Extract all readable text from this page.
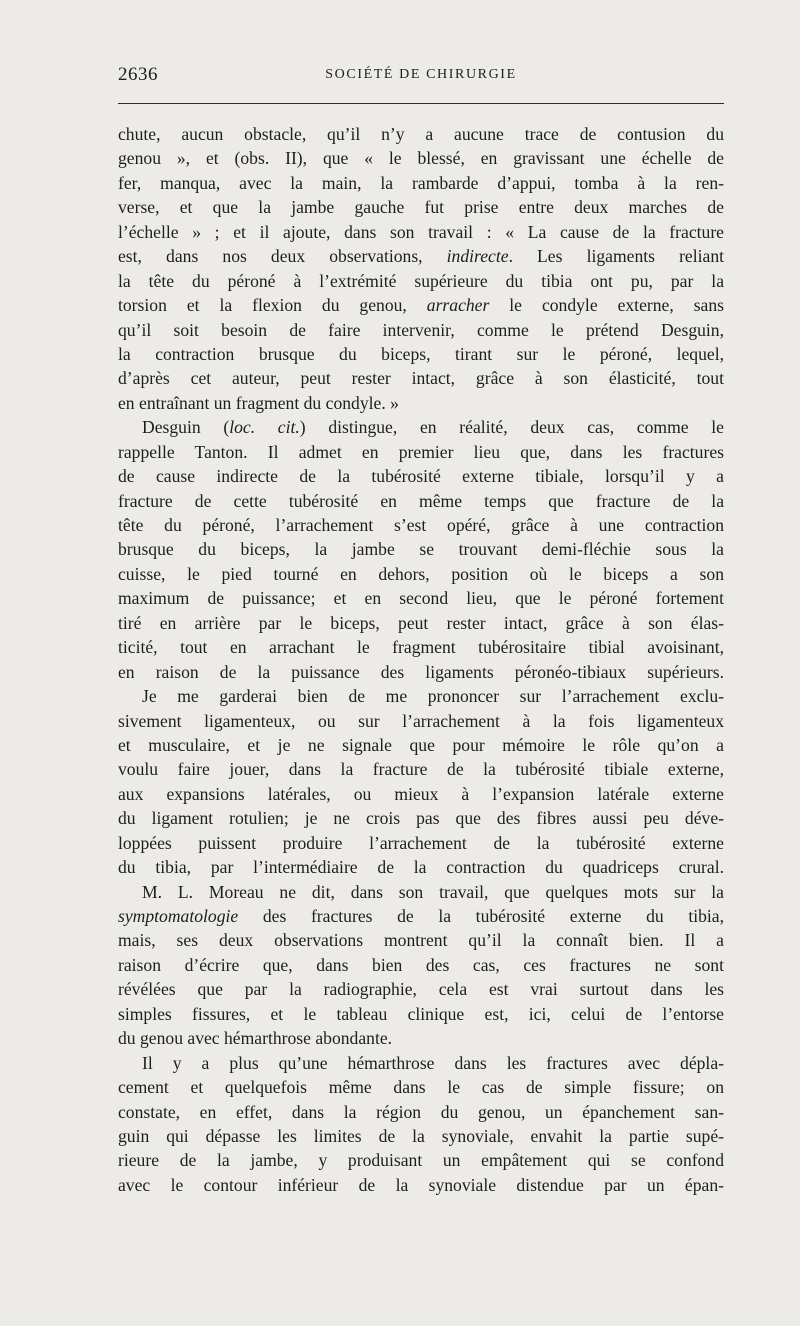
2636	SOCIÉTÉ DE CHIRURGIE
chute, aucun obstacle, qu’il n’y a aucune trace de contusion du
genou », et (obs. II), que « le blessé, en gravissant une échelle de
fer, manqua, avec la main, la rambarde d’appui, tomba à la ren-
verse, et que la jambe gauche fut prise entre deux marches de
l’échelle » ; et il ajoute, dans son travail : « La cause de la fracture
est, dans nos deux observations, indirecte. Les ligaments reliant
la tête du péroné à l’extrémité supérieure du tibia ont pu, par la
torsion et la flexion du genou, arracher le condyle externe, sans
qu’il soit besoin de faire intervenir, comme le prétend Desguin,
la contraction brusque du biceps, tirant sur le péroné, lequel,
d’après cet auteur, peut rester intact, grâce à son élasticité, tout
en entraînant un fragment du condyle. »
Desguin (loc. cit.) distingue, en réalité, deux cas, comme le
rappelle Tanton. Il admet en premier lieu que, dans les fractures
de cause indirecte de la tubérosité externe tibiale, lorsqu’il y a
fracture de cette tubérosité en même temps que fracture de la
tête du péroné, l’arrachement s’est opéré, grâce à une contraction
brusque du biceps, la jambe se trouvant demi-fléchie sous la
cuisse, le pied tourné en dehors, position où le biceps a son
maximum de puissance; et en second lieu, que le péroné fortement
tiré en arrière par le biceps, peut rester intact, grâce à son élas-
ticité, tout en arrachant le fragment tubérositaire tibial avoisinant,
en raison de la puissance des ligaments péronéo-tibiaux supérieurs.
Je me garderai bien de me prononcer sur l’arrachement exclu-
sivement ligamenteux, ou sur l’arrachement à la fois ligamenteux
et musculaire, et je ne signale que pour mémoire le rôle qu’on a
voulu faire jouer, dans la fracture de la tubérosité tibiale externe,
aux expansions latérales, ou mieux à l’expansion latérale externe
du ligament rotulien; je ne crois pas que des fibres aussi peu déve-
loppées puissent produire l’arrachement de la tubérosité externe
du tibia, par l’intermédiaire de la contraction du quadriceps crural.
M. L. Moreau ne dit, dans son travail, que quelques mots sur la
symptomatologie des fractures de la tubérosité externe du tibia,
mais, ses deux observations montrent qu’il la connaît bien. Il a
raison d’écrire que, dans bien des cas, ces fractures ne sont
révélées que par la radiographie, cela est vrai surtout dans les
simples fissures, et le tableau clinique est, ici, celui de l’entorse
du genou avec hémarthrose abondante.
Il y a plus qu’une hémarthrose dans les fractures avec dépla-
cement et quelquefois même dans le cas de simple fissure; on
constate, en effet, dans la région du genou, un épanchement san-
guin qui dépasse les limites de la synoviale, envahit la partie supé-
rieure de la jambe, y produisant un empâtement qui se confond
avec le contour inférieur de la synoviale distendue par un épan-
